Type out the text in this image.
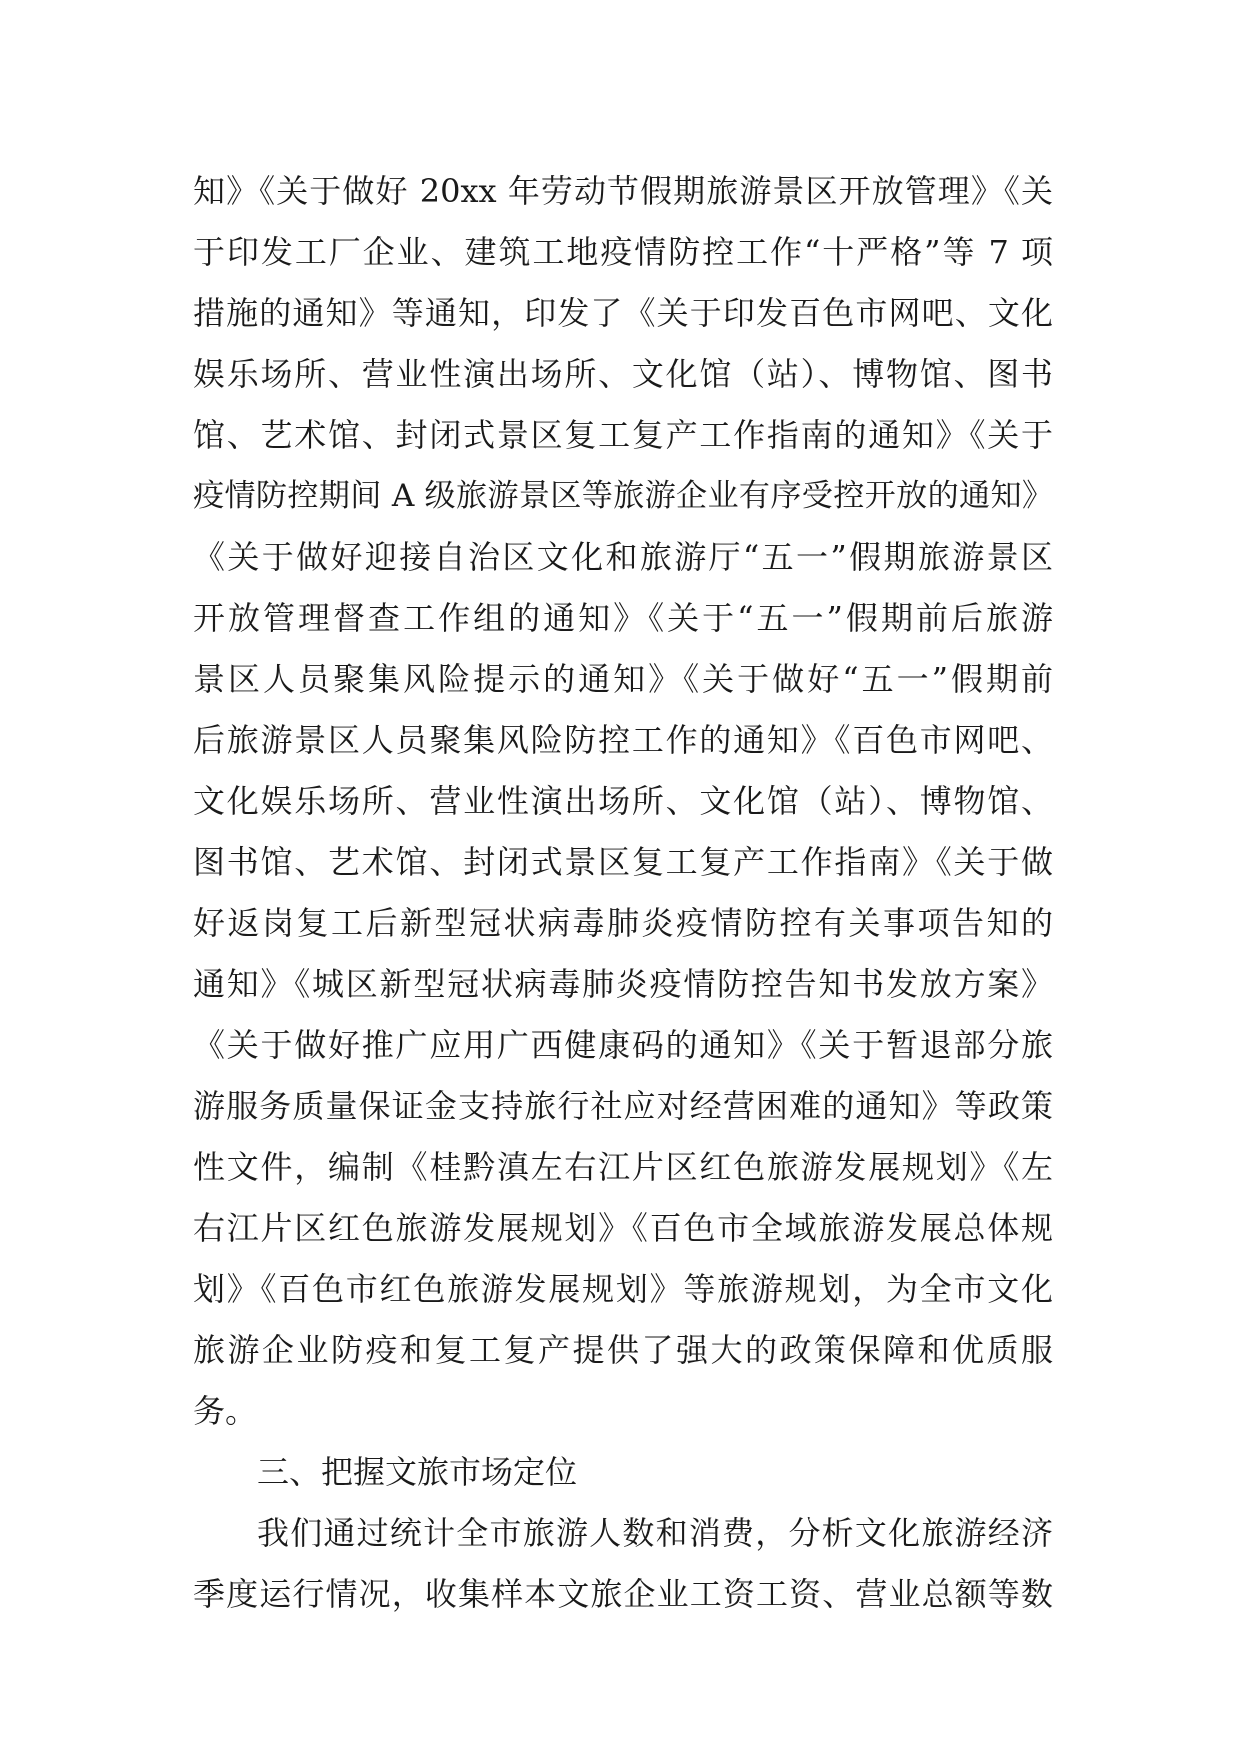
知》《关于做好 20xx 年劳动节假期旅游景区开放管理》《关
于印发工厂企业、建筑工地疫情防控工作“十严格”等 7 项
措施的通知》等通知，印发了《关于印发百色市网吧、文化
娱乐场所、营业性演出场所、文化馆（站）、博物馆、图书
馆、艺术馆、封闭式景区复工复产工作指南的通知》《关于
疫情防控期间 A 级旅游景区等旅游企业有序受控开放的通知》
《关于做好迎接自治区文化和旅游厅“五一”假期旅游景区
开放管理督查工作组的通知》《关于“五一”假期前后旅游
景区人员聚集风险提示的通知》《关于做好“五一”假期前
后旅游景区人员聚集风险防控工作的通知》《百色市网吧、
文化娱乐场所、营业性演出场所、文化馆（站）、博物馆、
图书馆、艺术馆、封闭式景区复工复产工作指南》《关于做
好返岗复工后新型冠状病毒肺炎疫情防控有关事项告知的
通知》《城区新型冠状病毒肺炎疫情防控告知书发放方案》
《关于做好推广应用广西健康码的通知》《关于暂退部分旅
游服务质量保证金支持旅行社应对经营困难的通知》等政策
性文件，编制《桂黔滇左右江片区红色旅游发展规划》《左
右江片区红色旅游发展规划》《百色市全域旅游发展总体规
划》《百色市红色旅游发展规划》等旅游规划，为全市文化
旅游企业防疫和复工复产提供了强大的政策保障和优质服
务。
三、把握文旅市场定位
我们通过统计全市旅游人数和消费，分析文化旅游经济
季度运行情况，收集样本文旅企业工资工资、营业总额等数
